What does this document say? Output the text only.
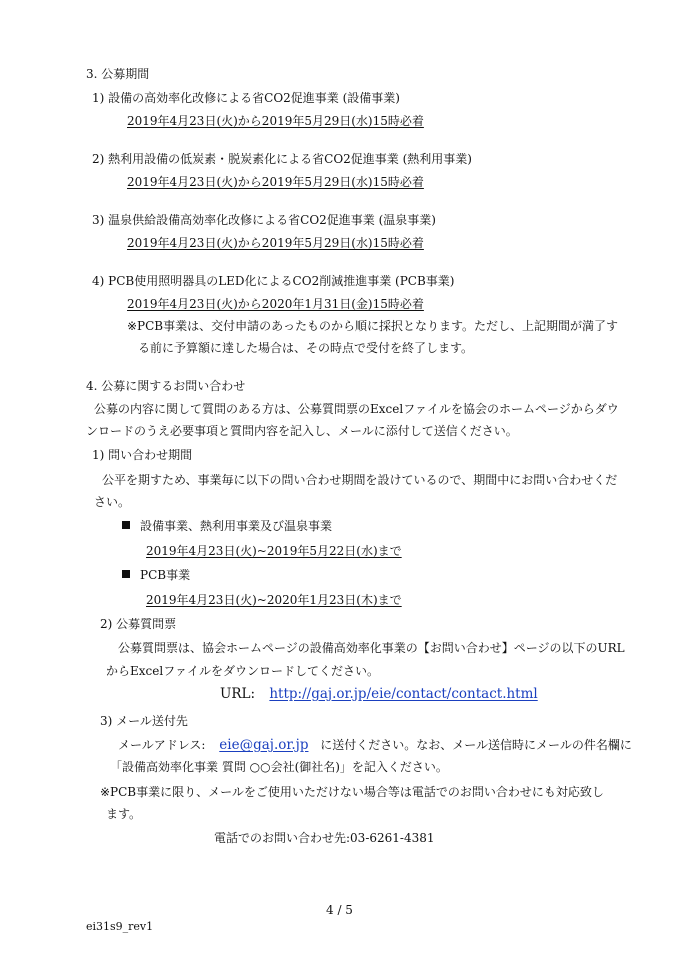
3. 公募期間
1) 設備の高効率化改修による省CO2促進事業 (設備事業)
2019年4月23日(火)から2019年5月29日(水)15時必着
2) 熱利用設備の低炭素・脱炭素化による省CO2促進事業 (熱利用事業)
2019年4月23日(火)から2019年5月29日(水)15時必着
3) 温泉供給設備高効率化改修による省CO2促進事業 (温泉事業)
2019年4月23日(火)から2019年5月29日(水)15時必着
4) PCB使用照明器具のLED化によるCO2削減推進事業 (PCB事業)
2019年4月23日(火)から2020年1月31日(金)15時必着
※PCB事業は、交付申請のあったものから順に採択となります。ただし、上記期間が満了す
る前に予算額に達した場合は、その時点で受付を終了します。
4. 公募に関するお問い合わせ
公募の内容に関して質問のある方は、公募質問票のExcelファイルを協会のホームページからダウ
ンロードのうえ必要事項と質問内容を記入し、メールに添付して送信ください。
1) 問い合わせ期間
公平を期すため、事業毎に以下の問い合わせ期間を設けているので、期間中にお問い合わせくだ
さい。
設備事業、熱利用事業及び温泉事業
2019年4月23日(火)~2019年5月22日(水)まで
PCB事業
2019年4月23日(火)~2020年1月23日(木)まで
2) 公募質問票
公募質問票は、協会ホームページの設備高効率化事業の【お問い合わせ】ページの以下のURL
からExcelファイルをダウンロードしてください。
URL: http://gaj.or.jp/eie/contact/contact.html
3) メール送付先
メールアドレス: eie@gaj.or.jp に送付ください。なお、メール送信時にメールの件名欄に
「設備高効率化事業 質問 ○○会社(御社名)」を記入ください。
※PCB事業に限り、メールをご使用いただけない場合等は電話でのお問い合わせにも対応致し
ます。
電話でのお問い合わせ先:03-6261-4381
4 / 5
ei31s9_rev1
